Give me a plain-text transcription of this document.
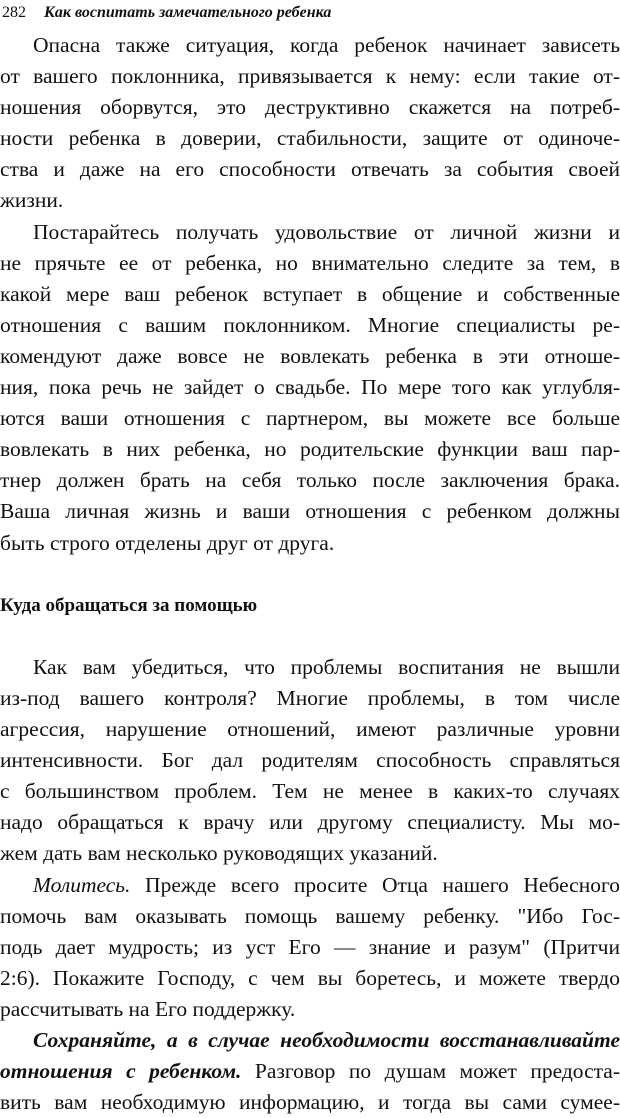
282 Как воспитать замечательного ребенка
Опасна также ситуация, когда ребенок начинает зависеть
от вашего поклонника, привязывается к нему: если такие от-
ношения оборвутся, это деструктивно скажется на потреб-
ности ребенка в доверии, стабильности, защите от одиноче-
ства и даже на его способности отвечать за события своей
жизни.
Постарайтесь получать удовольствие от личной жизни и
не прячьте ее от ребенка, но внимательно следите за тем, в
какой мере ваш ребенок вступает в общение и собственные
отношения с вашим поклонником. Многие специалисты ре-
комендуют даже вовсе не вовлекать ребенка в эти отноше-
ния, пока речь не зайдет о свадьбе. По мере того как углубля-
ются ваши отношения с партнером, вы можете все больше
вовлекать в них ребенка, но родительские функции ваш пар-
тнер должен брать на себя только после заключения брака.
Ваша личная жизнь и ваши отношения с ребенком должны
быть строго отделены друг от друга.
Куда обращаться за помощью
Как вам убедиться, что проблемы воспитания не вышли
из-под вашего контроля? Многие проблемы, в том числе
агрессия, нарушение отношений, имеют различные уровни
интенсивности. Бог дал родителям способность справляться
с большинством проблем. Тем не менее в каких-то случаях
надо обращаться к врачу или другому специалисту. Мы мо-
жем дать вам несколько руководящих указаний.
Молитесь. Прежде всего просите Отца нашего Небесного
помочь вам оказывать помощь вашему ребенку. "Ибо Гос-
подь дает мудрость; из уст Его — знание и разум" (Притчи
2:6). Покажите Господу, с чем вы боретесь, и можете твердо
рассчитывать на Его поддержку.
Сохраняйте, а в случае необходимости восстанавливайте
отношения с ребенком. Разговор по душам может предоста-
вить вам необходимую информацию, и тогда вы сами сумее-
